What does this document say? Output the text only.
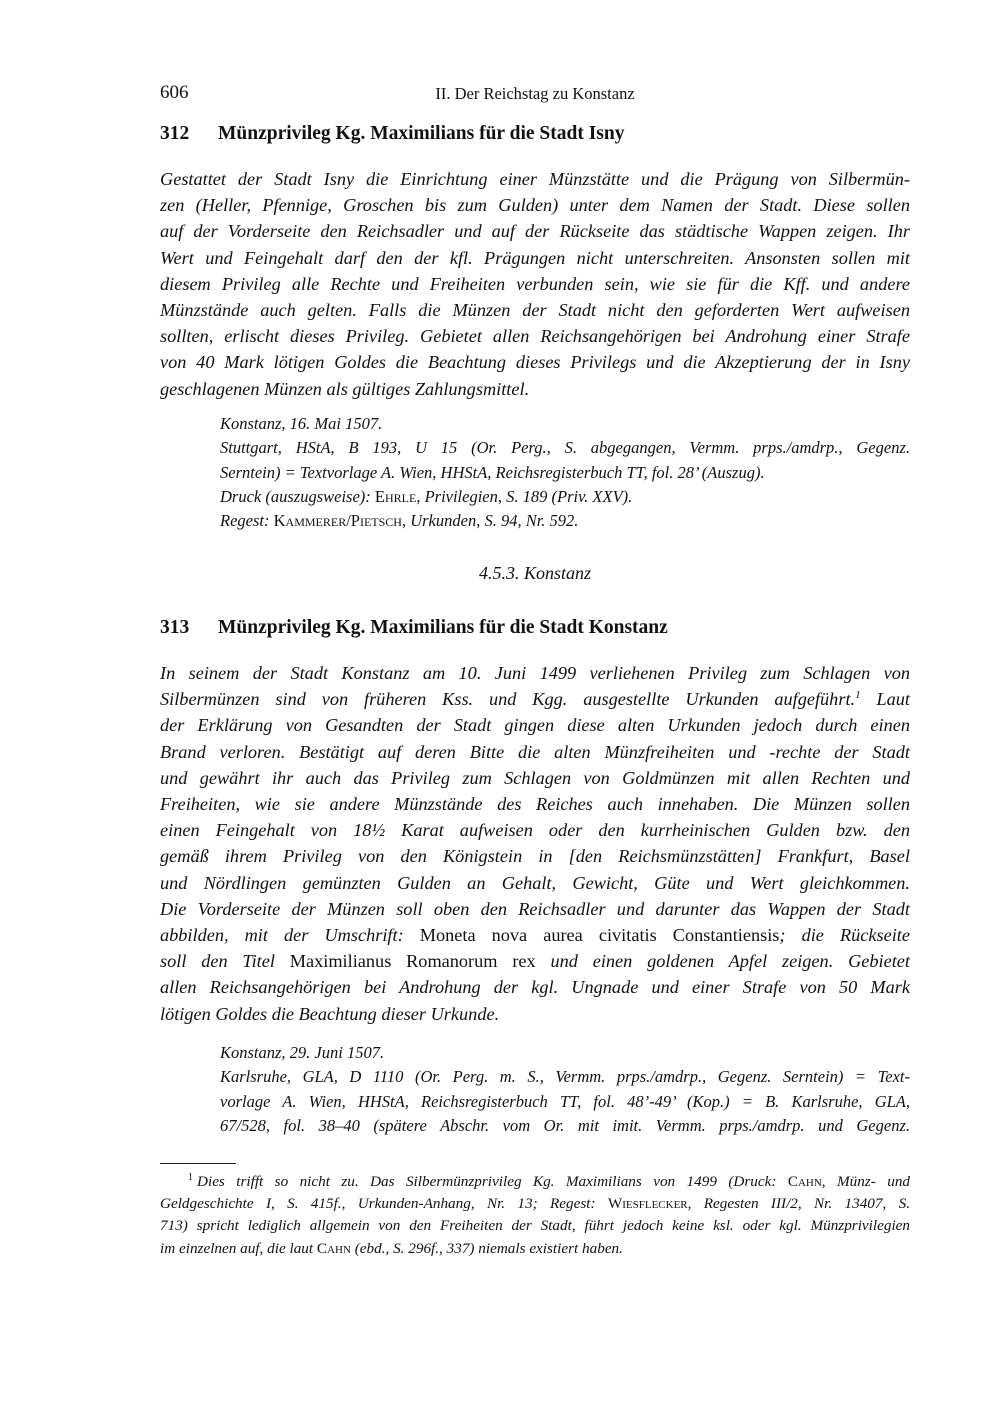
606	II. Der Reichstag zu Konstanz
312 Münzprivileg Kg. Maximilians für die Stadt Isny
Gestattet der Stadt Isny die Einrichtung einer Münzstätte und die Prägung von Silbermün-
zen (Heller, Pfennige, Groschen bis zum Gulden) unter dem Namen der Stadt. Diese sollen
auf der Vorderseite den Reichsadler und auf der Rückseite das städtische Wappen zeigen. Ihr
Wert und Feingehalt darf den der kfl. Prägungen nicht unterschreiten. Ansonsten sollen mit
diesem Privileg alle Rechte und Freiheiten verbunden sein, wie sie für die Kff. und andere
Münzstände auch gelten. Falls die Münzen der Stadt nicht den geforderten Wert aufweisen
sollten, erlischt dieses Privileg. Gebietet allen Reichsangehörigen bei Androhung einer Strafe
von 40 Mark lötigen Goldes die Beachtung dieses Privilegs und die Akzeptierung der in Isny
geschlagenen Münzen als gültiges Zahlungsmittel.
Konstanz, 16. Mai 1507.
Stuttgart, HStA, B 193, U 15 (Or. Perg., S. abgegangen, Vermm. prps./amdrp., Gegenz.
Serntein) = Textvorlage A. Wien, HHStA, Reichsregisterbuch TT, fol. 28’ (Auszug).
Druck (auszugsweise): Ehrle, Privilegien, S. 189 (Priv. XXV).
Regest: Kammerer/Pietsch, Urkunden, S. 94, Nr. 592.
4.5.3. Konstanz
313 Münzprivileg Kg. Maximilians für die Stadt Konstanz
In seinem der Stadt Konstanz am 10. Juni 1499 verliehenen Privileg zum Schlagen von
Silbermünzen sind von früheren Kss. und Kgg. ausgestellte Urkunden aufgeführt.$^1$ Laut
der Erklärung von Gesandten der Stadt gingen diese alten Urkunden jedoch durch einen
Brand verloren. Bestätigt auf deren Bitte die alten Münzfreiheiten und -rechte der Stadt
und gewährt ihr auch das Privileg zum Schlagen von Goldmünzen mit allen Rechten und
Freiheiten, wie sie andere Münzstände des Reiches auch innehaben. Die Münzen sollen
einen Feingehalt von 18½ Karat aufweisen oder den kurrheinischen Gulden bzw. den
gemäß ihrem Privileg von den Königstein in [den Reichsmünzstätten] Frankfurt, Basel
und Nördlingen gemünzten Gulden an Gehalt, Gewicht, Güte und Wert gleichkommen.
Die Vorderseite der Münzen soll oben den Reichsadler und darunter das Wappen der Stadt
abbilden, mit der Umschrift: Moneta nova aurea civitatis Constantiensis; die Rückseite
soll den Titel Maximilianus Romanorum rex und einen goldenen Apfel zeigen. Gebietet
allen Reichsangehörigen bei Androhung der kgl. Ungnade und einer Strafe von 50 Mark
lötigen Goldes die Beachtung dieser Urkunde.
Konstanz, 29. Juni 1507.
Karlsruhe, GLA, D 1110 (Or. Perg. m. S., Vermm. prps./amdrp., Gegenz. Serntein) = Text-
vorlage A. Wien, HHStA, Reichsregisterbuch TT, fol. 48’-49’ (Kop.) = B. Karlsruhe, GLA,
67/528, fol. 38–40 (spätere Abschr. vom Or. mit imit. Vermm. prps./amdrp. und Gegenz.
$^1$ Dies trifft so nicht zu. Das Silbermünzprivileg Kg. Maximilians von 1499 (Druck: Cahn, Münz- und
Geldgeschichte I, S. 415f., Urkunden-Anhang, Nr. 13; Regest: Wiesflecker, Regesten III/2, Nr. 13407, S.
713) spricht lediglich allgemein von den Freiheiten der Stadt, führt jedoch keine ksl. oder kgl. Münzprivilegien
im einzelnen auf, die laut Cahn (ebd., S. 296f., 337) niemals existiert haben.
